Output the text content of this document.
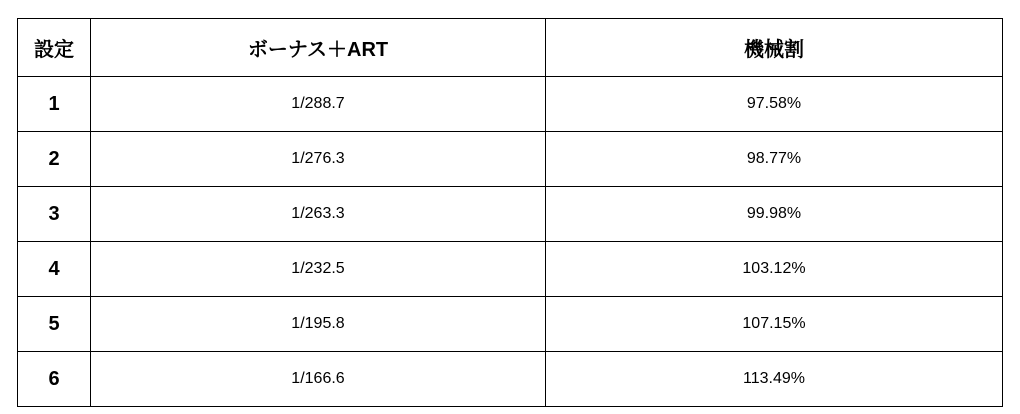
設定	ボーナス＋ART	機械割
1	1/288.7	97.58%
2	1/276.3	98.77%
3	1/263.3	99.98%
4	1/232.5	103.12%
5	1/195.8	107.15%
6	1/166.6	113.49%
